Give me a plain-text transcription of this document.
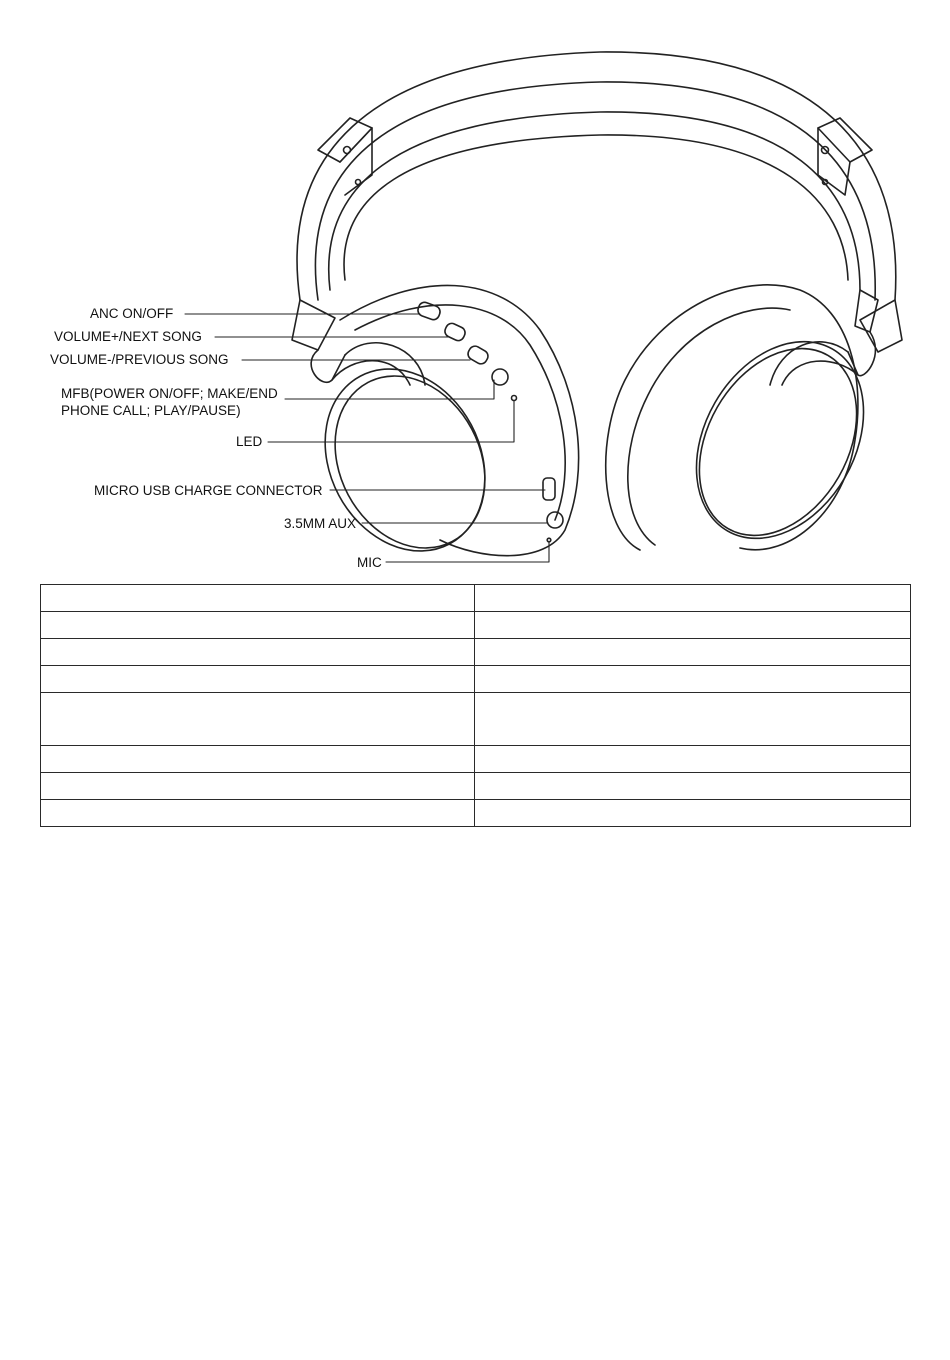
ANC ON/OFF
VOLUME+/NEXT SONG
VOLUME-/PREVIOUS SONG
MFB(POWER ON/OFF; MAKE/END
PHONE CALL; PLAY/PAUSE)
LED
MICRO USB CHARGE CONNECTOR
3.5MM AUX
MIC
